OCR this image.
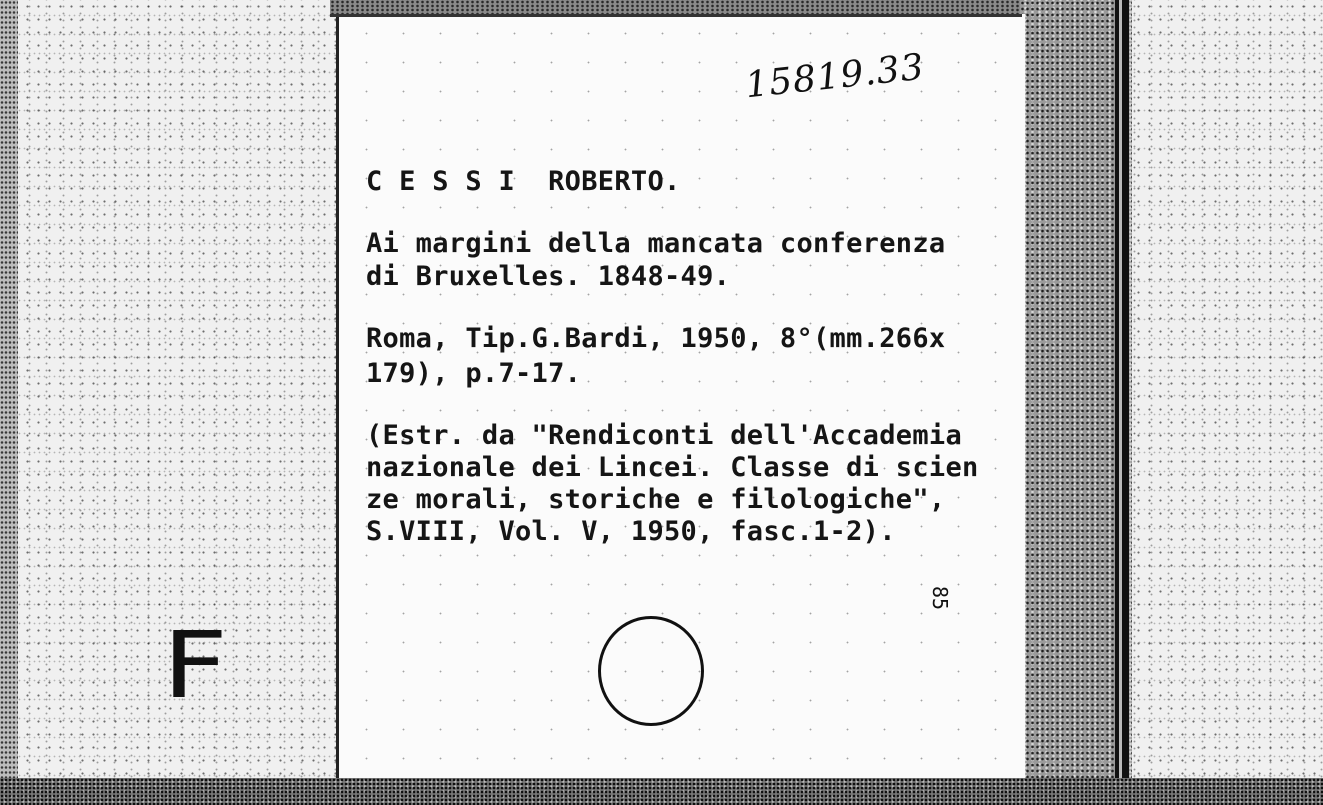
15819.33
C E S S I  ROBERTO.
Ai margini della mancata conferenza
di Bruxelles. 1848-49.
Roma, Tip.G.Bardi, 1950, 8°(mm.266x
179), p.7-17.
(Estr. da "Rendiconti dell'Accademia
nazionale dei Lincei. Classe di scien
ze morali, storiche e filologiche",
S.VIII, Vol. V, 1950, fasc.1-2).
85
F
